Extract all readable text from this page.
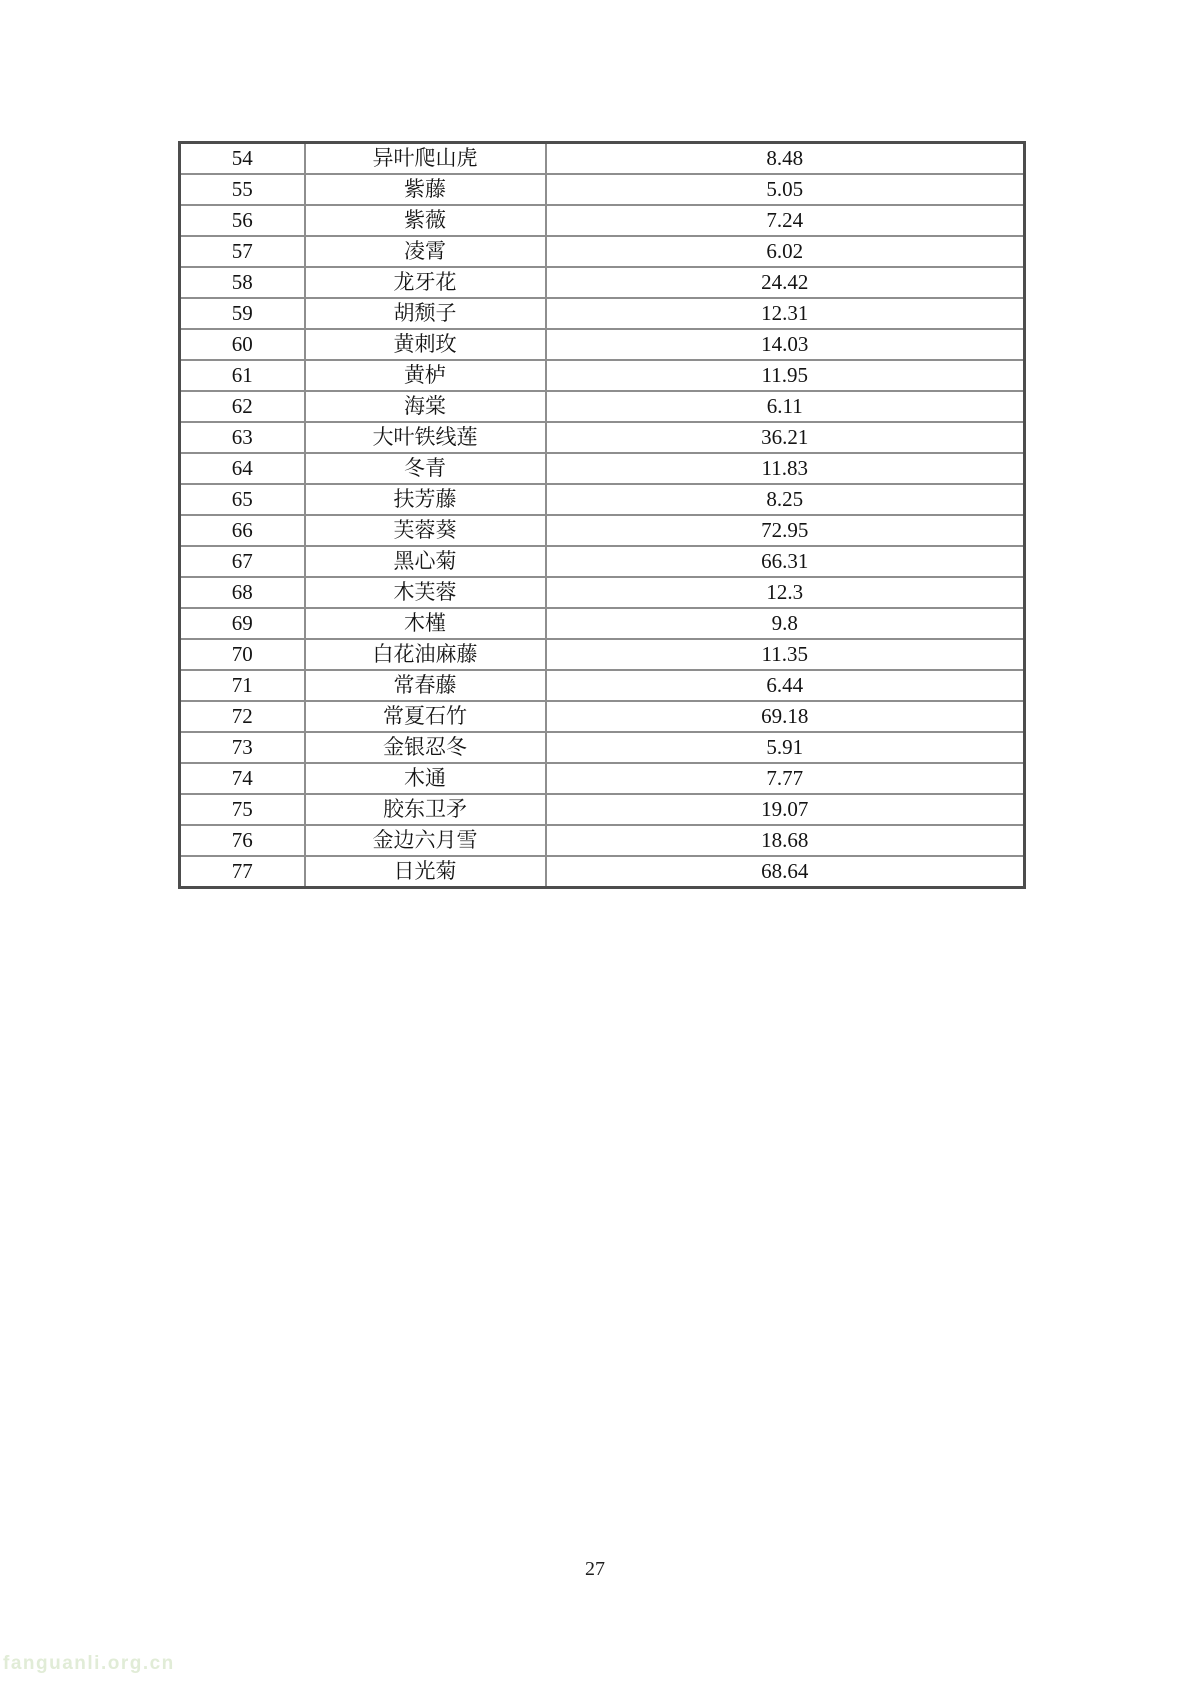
54	异叶爬山虎	8.48
55	紫藤	5.05
56	紫薇	7.24
57	凌霄	6.02
58	龙牙花	24.42
59	胡颓子	12.31
60	黄刺玫	14.03
61	黄栌	11.95
62	海棠	6.11
63	大叶铁线莲	36.21
64	冬青	11.83
65	扶芳藤	8.25
66	芙蓉葵	72.95
67	黑心菊	66.31
68	木芙蓉	12.3
69	木槿	9.8
70	白花油麻藤	11.35
71	常春藤	6.44
72	常夏石竹	69.18
73	金银忍冬	5.91
74	木通	7.77
75	胶东卫矛	19.07
76	金边六月雪	18.68
77	日光菊	68.64
27
fanguanli.org.cn
